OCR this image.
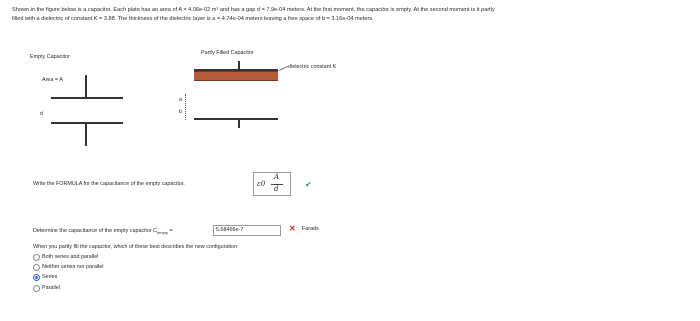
Shown in the figure below is a capacitor. Each plate has an area of A = 4.06e-02 m² and has a gap d = 7.9e-04 meters. At the first moment, the capacitor is empty. At the second moment is it partly
filled with a dielectric of constant K = 3.88. The thickness of the dielectric layer is a = 4.74e-04 meters leaving a free space of b = 3.16e-04 meters.
Empty Capacitor
Area = A
d
Partly Filled Capacitor
dielectric constant K
a
b
Write the FORMULA for the capacitance of the empty capacitor.	ε0
A
d	✔
Determine the capacitance of the empty capacitor $C_{empty}$ =	5.68466e-7	✕ Farads
When you partly fill the capacitor, which of these best describes the new configuration:
Both series and parallel
Neither series nor parallel
Series
Parallel
